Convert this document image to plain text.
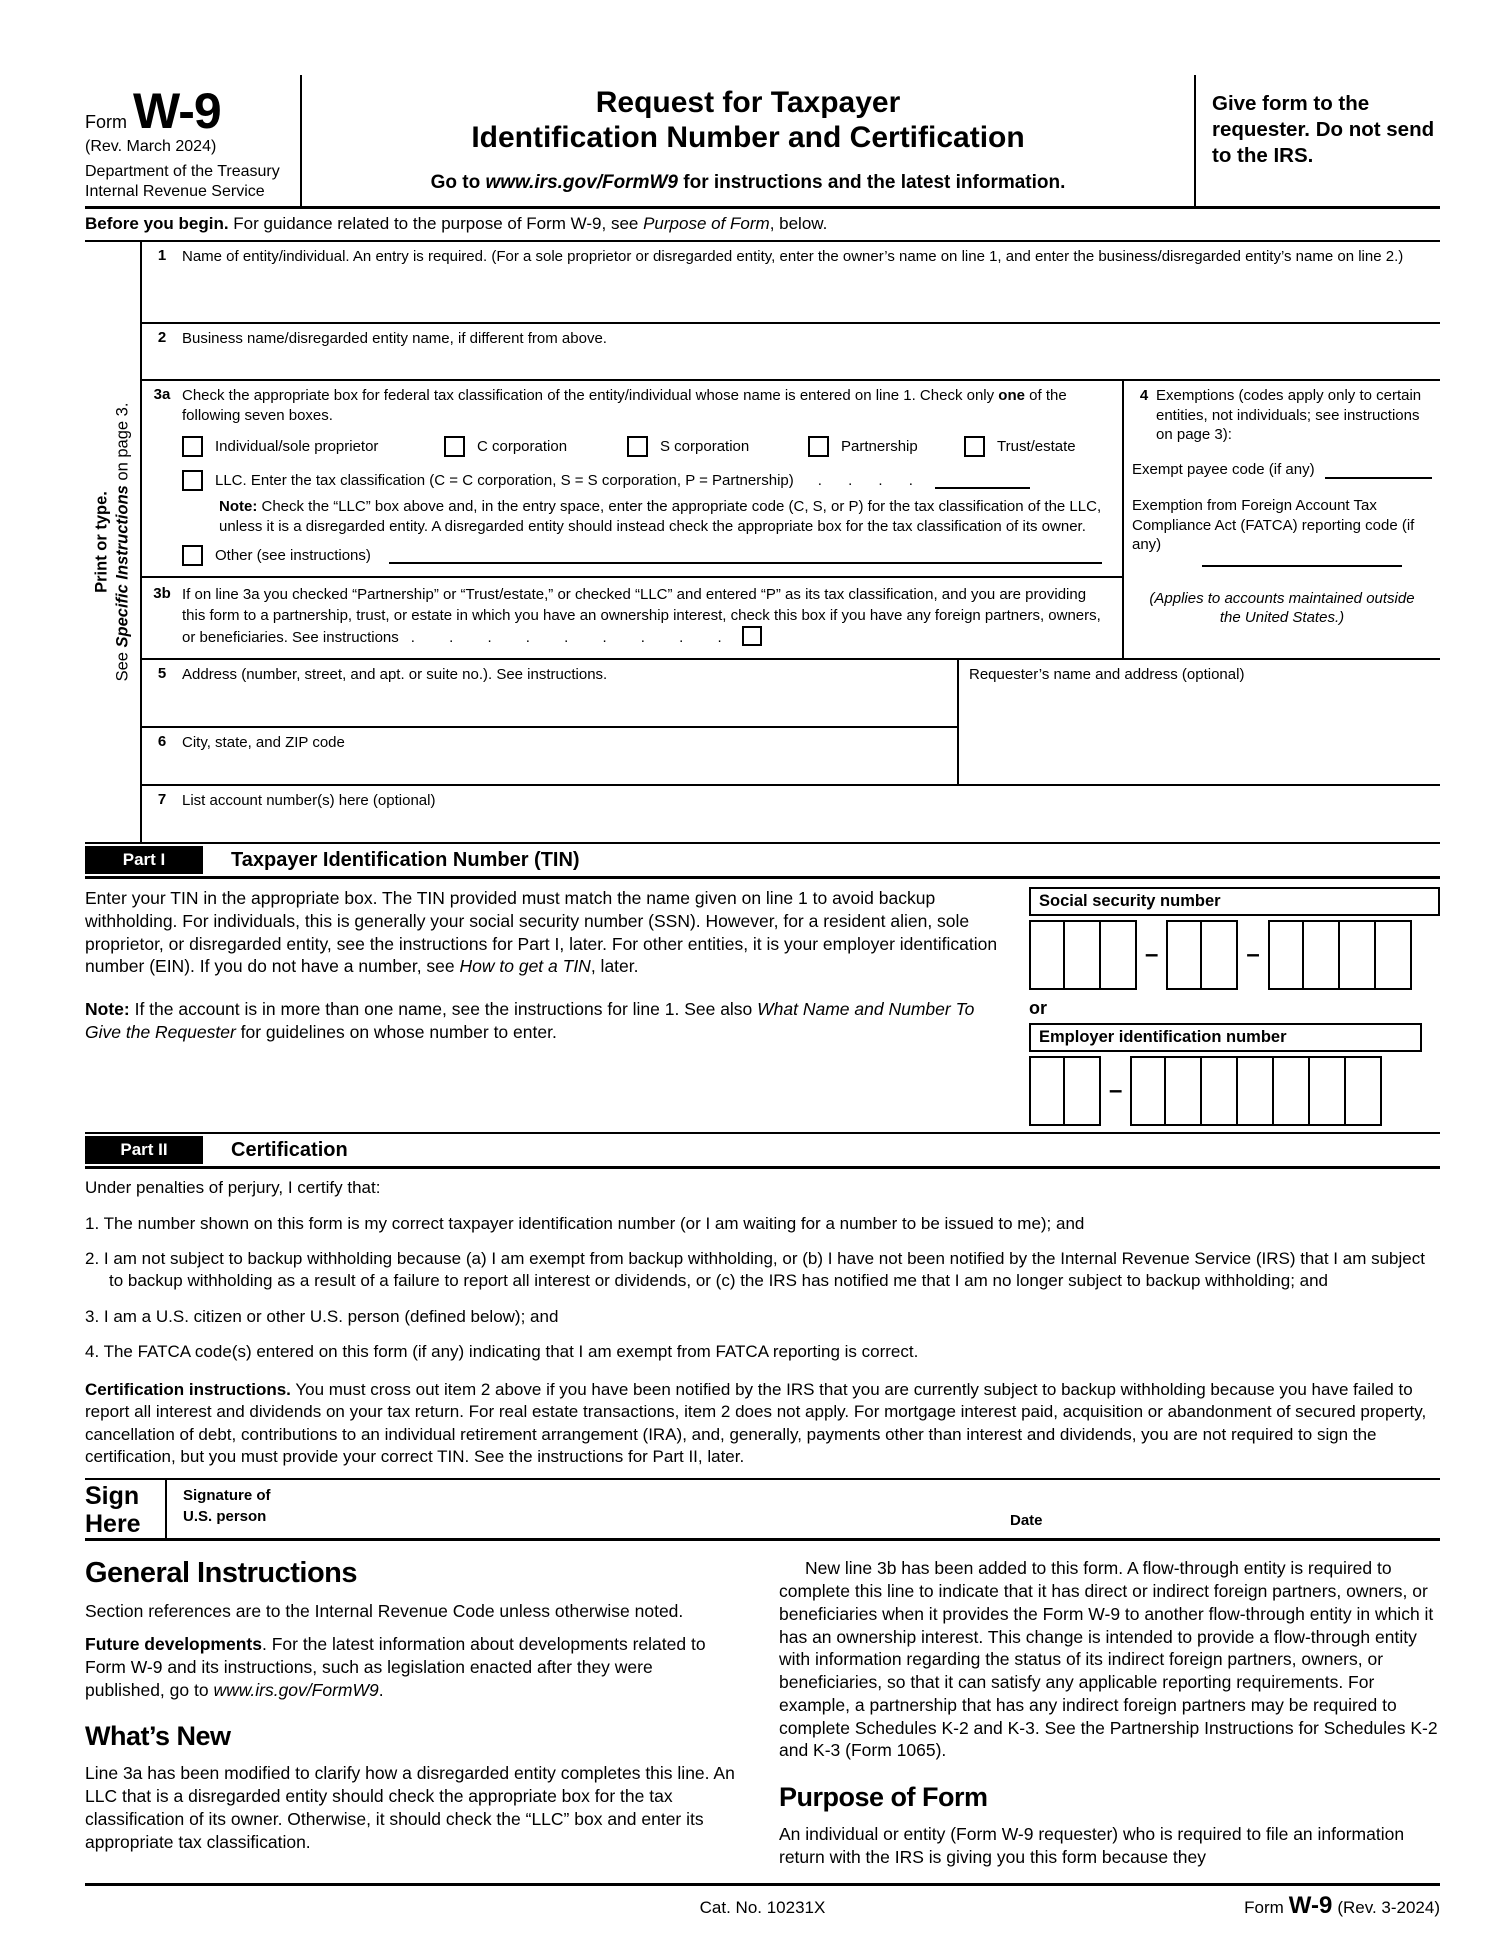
Form W-9
(Rev. March 2024)
Department of the Treasury
Internal Revenue Service
Request for Taxpayer
Identification Number and Certification
Go to www.irs.gov/FormW9 for instructions and the latest information.
Give form to the requester. Do not send to the IRS.
Before you begin. For guidance related to the purpose of Form W-9, see Purpose of Form, below.
Print or type.
See Specific Instructions on page 3.
1	Name of entity/individual. An entry is required. (For a sole proprietor or disregarded entity, enter the owner’s name on line 1, and enter the business/disregarded entity’s name on line 2.)
2	Business name/disregarded entity name, if different from above.
3a Check the appropriate box for federal tax classification of the entity/individual whose name is entered on line 1. Check only one of the following seven boxes.
Individual/sole proprietor	C corporation	S corporation	Partnership	Trust/estate
LLC. Enter the tax classification (C = C corporation, S = S corporation, P = Partnership) . . . .
Note: Check the “LLC” box above and, in the entry space, enter the appropriate code (C, S, or P) for the tax classification of the LLC, unless it is a disregarded entity. A disregarded entity should instead check the appropriate box for the tax classification of its owner.
Other (see instructions)
3b If on line 3a you checked “Partnership” or “Trust/estate,” or checked “LLC” and entered “P” as its tax classification, and you are providing this form to a partnership, trust, or estate in which you have an ownership interest, check this box if you have any foreign partners, owners, or beneficiaries. See instructions . . . . . . . . .
4 Exemptions (codes apply only to certain entities, not individuals; see instructions on page 3):
Exempt payee code (if any)
Exemption from Foreign Account Tax Compliance Act (FATCA) reporting code (if any)
(Applies to accounts maintained outside the United States.)
5	Address (number, street, and apt. or suite no.). See instructions.
6	City, state, and ZIP code
Requester’s name and address (optional)
7	List account number(s) here (optional)
Part I	Taxpayer Identification Number (TIN)
Enter your TIN in the appropriate box. The TIN provided must match the name given on line 1 to avoid backup withholding. For individuals, this is generally your social security number (SSN). However, for a resident alien, sole proprietor, or disregarded entity, see the instructions for Part I, later. For other entities, it is your employer identification number (EIN). If you do not have a number, see How to get a TIN, later.
Note: If the account is in more than one name, see the instructions for line 1. See also What Name and Number To Give the Requester for guidelines on whose number to enter.
Social security number
–	–
or
Employer identification number
–
Part II	Certification
Under penalties of perjury, I certify that:
1. The number shown on this form is my correct taxpayer identification number (or I am waiting for a number to be issued to me); and
2. I am not subject to backup withholding because (a) I am exempt from backup withholding, or (b) I have not been notified by the Internal Revenue Service (IRS) that I am subject to backup withholding as a result of a failure to report all interest or dividends, or (c) the IRS has notified me that I am no longer subject to backup withholding; and
3. I am a U.S. citizen or other U.S. person (defined below); and
4. The FATCA code(s) entered on this form (if any) indicating that I am exempt from FATCA reporting is correct.
Certification instructions. You must cross out item 2 above if you have been notified by the IRS that you are currently subject to backup withholding because you have failed to report all interest and dividends on your tax return. For real estate transactions, item 2 does not apply. For mortgage interest paid, acquisition or abandonment of secured property, cancellation of debt, contributions to an individual retirement arrangement (IRA), and, generally, payments other than interest and dividends, you are not required to sign the certification, but you must provide your correct TIN. See the instructions for Part II, later.
Sign
Here
Signature of
U.S. person	Date
General Instructions
Section references are to the Internal Revenue Code unless otherwise noted.
Future developments. For the latest information about developments related to Form W-9 and its instructions, such as legislation enacted after they were published, go to www.irs.gov/FormW9.
What’s New
Line 3a has been modified to clarify how a disregarded entity completes this line. An LLC that is a disregarded entity should check the appropriate box for the tax classification of its owner. Otherwise, it should check the “LLC” box and enter its appropriate tax classification.
New line 3b has been added to this form. A flow-through entity is required to complete this line to indicate that it has direct or indirect foreign partners, owners, or beneficiaries when it provides the Form W-9 to another flow-through entity in which it has an ownership interest. This change is intended to provide a flow-through entity with information regarding the status of its indirect foreign partners, owners, or beneficiaries, so that it can satisfy any applicable reporting requirements. For example, a partnership that has any indirect foreign partners may be required to complete Schedules K-2 and K-3. See the Partnership Instructions for Schedules K-2 and K-3 (Form 1065).
Purpose of Form
An individual or entity (Form W-9 requester) who is required to file an information return with the IRS is giving you this form because they
Cat. No. 10231X	Form W-9 (Rev. 3-2024)
